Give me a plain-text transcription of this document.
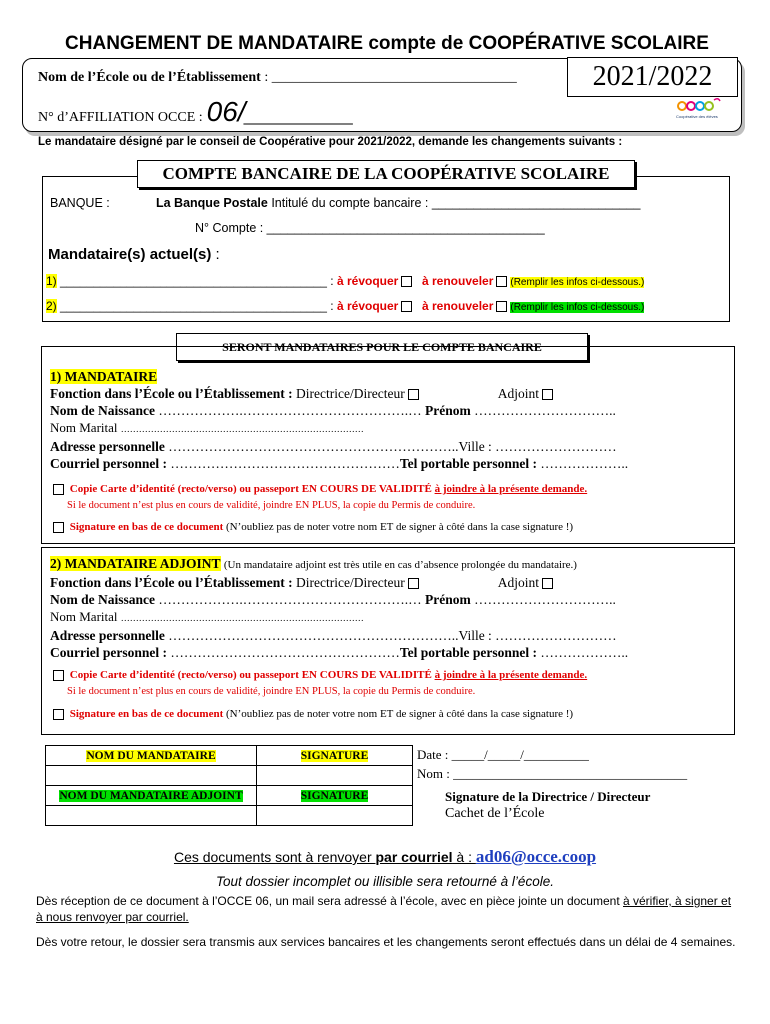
CHANGEMENT DE MANDATAIRE compte de COOPÉRATIVE SCOLAIRE
Nom de l’École ou de l’Établissement : ___________________________________	2021/2022
N° d’AFFILIATION OCCE : 06/_______	Coopérative des élèves
Le mandataire désigné par le conseil de Coopérative pour 2021/2022, demande les changements suivants :
COMPTE BANCAIRE DE LA COOPÉRATIVE SCOLAIRE
BANQUE :	La Banque Postale Intitulé du compte bancaire : ______________________________
N° Compte : ________________________________________
Mandataire(s) actuel(s) :
1) ________________________________________ : à révoquer à renouveler (Remplir les infos ci-dessous.)
2) ________________________________________ : à révoquer à renouveler (Remplir les infos ci-dessous.)
SERONT MANDATAIRES POUR LE COMPTE BANCAIRE
1) MANDATAIRE
Fonction dans l’École ou l’Établissement : Directrice/Directeur	Adjoint
Nom de Naissance ……………….……………………………….… Prénom …………………………..
Nom Marital ………………………………………………………………………
Adresse personnelle ………………………………………………………..Ville : ………………………
Courriel personnel : ……………………………………………Tel portable personnel : ………………..
Copie Carte d’identité (recto/verso) ou passeport EN COURS DE VALIDITÉ à joindre à la présente demande.
Si le document n’est plus en cours de validité, joindre EN PLUS, la copie du Permis de conduire.
Signature en bas de ce document (N’oubliez pas de noter votre nom ET de signer à côté dans la case signature !)
2) MANDATAIRE ADJOINT (Un mandataire adjoint est très utile en cas d’absence prolongée du mandataire.)
Fonction dans l’École ou l’Établissement : Directrice/Directeur	Adjoint
Nom de Naissance ……………….……………………………….… Prénom …………………………..
Nom Marital ………………………………………………………………………
Adresse personnelle ………………………………………………………..Ville : ………………………
Courriel personnel : ……………………………………………Tel portable personnel : ………………..
Copie Carte d’identité (recto/verso) ou passeport EN COURS DE VALIDITÉ à joindre à la présente demande.
Si le document n’est plus en cours de validité, joindre EN PLUS, la copie du Permis de conduire.
Signature en bas de ce document (N’oubliez pas de noter votre nom ET de signer à côté dans la case signature !)
NOM DU MANDATAIRE	SIGNATURE

NOM DU MANDATAIRE ADJOINT	SIGNATURE

Date : _____/_____/__________
Nom : ____________________________________
Signature de la Directrice / Directeur
Cachet de l’École
Ces documents sont à renvoyer par courriel à : ad06@occe.coop
Tout dossier incomplet ou illisible sera retourné à l’école.
Dès réception de ce document à l’OCCE 06, un mail sera adressé à l’école, avec en pièce jointe un document à vérifier, à signer et à nous renvoyer par courriel.
Dès votre retour, le dossier sera transmis aux services bancaires et les changements seront effectués dans un délai de 4 semaines.
